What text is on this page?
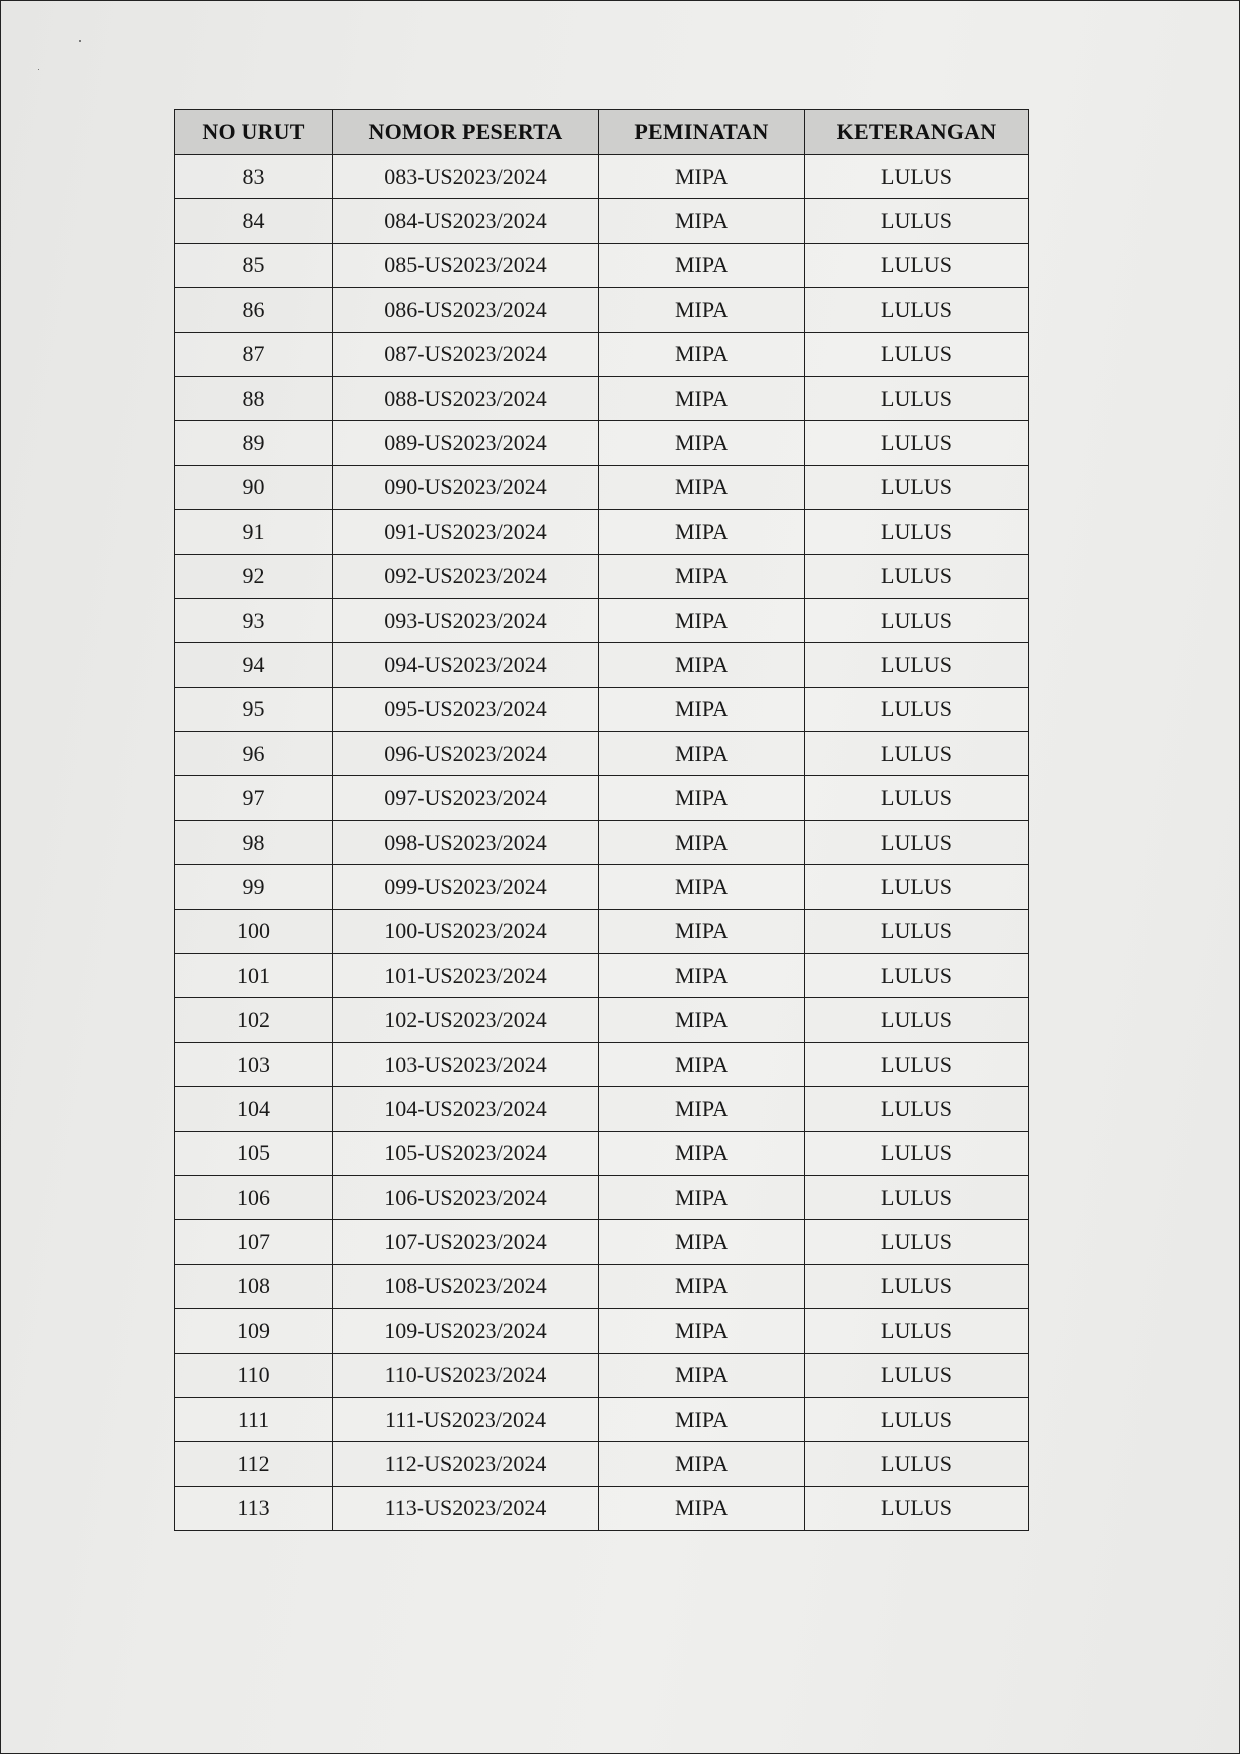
NO URUT	NOMOR PESERTA	PEMINATAN	KETERANGAN
83	083-US2023/2024	MIPA	LULUS
84	084-US2023/2024	MIPA	LULUS
85	085-US2023/2024	MIPA	LULUS
86	086-US2023/2024	MIPA	LULUS
87	087-US2023/2024	MIPA	LULUS
88	088-US2023/2024	MIPA	LULUS
89	089-US2023/2024	MIPA	LULUS
90	090-US2023/2024	MIPA	LULUS
91	091-US2023/2024	MIPA	LULUS
92	092-US2023/2024	MIPA	LULUS
93	093-US2023/2024	MIPA	LULUS
94	094-US2023/2024	MIPA	LULUS
95	095-US2023/2024	MIPA	LULUS
96	096-US2023/2024	MIPA	LULUS
97	097-US2023/2024	MIPA	LULUS
98	098-US2023/2024	MIPA	LULUS
99	099-US2023/2024	MIPA	LULUS
100	100-US2023/2024	MIPA	LULUS
101	101-US2023/2024	MIPA	LULUS
102	102-US2023/2024	MIPA	LULUS
103	103-US2023/2024	MIPA	LULUS
104	104-US2023/2024	MIPA	LULUS
105	105-US2023/2024	MIPA	LULUS
106	106-US2023/2024	MIPA	LULUS
107	107-US2023/2024	MIPA	LULUS
108	108-US2023/2024	MIPA	LULUS
109	109-US2023/2024	MIPA	LULUS
110	110-US2023/2024	MIPA	LULUS
111	111-US2023/2024	MIPA	LULUS
112	112-US2023/2024	MIPA	LULUS
113	113-US2023/2024	MIPA	LULUS
